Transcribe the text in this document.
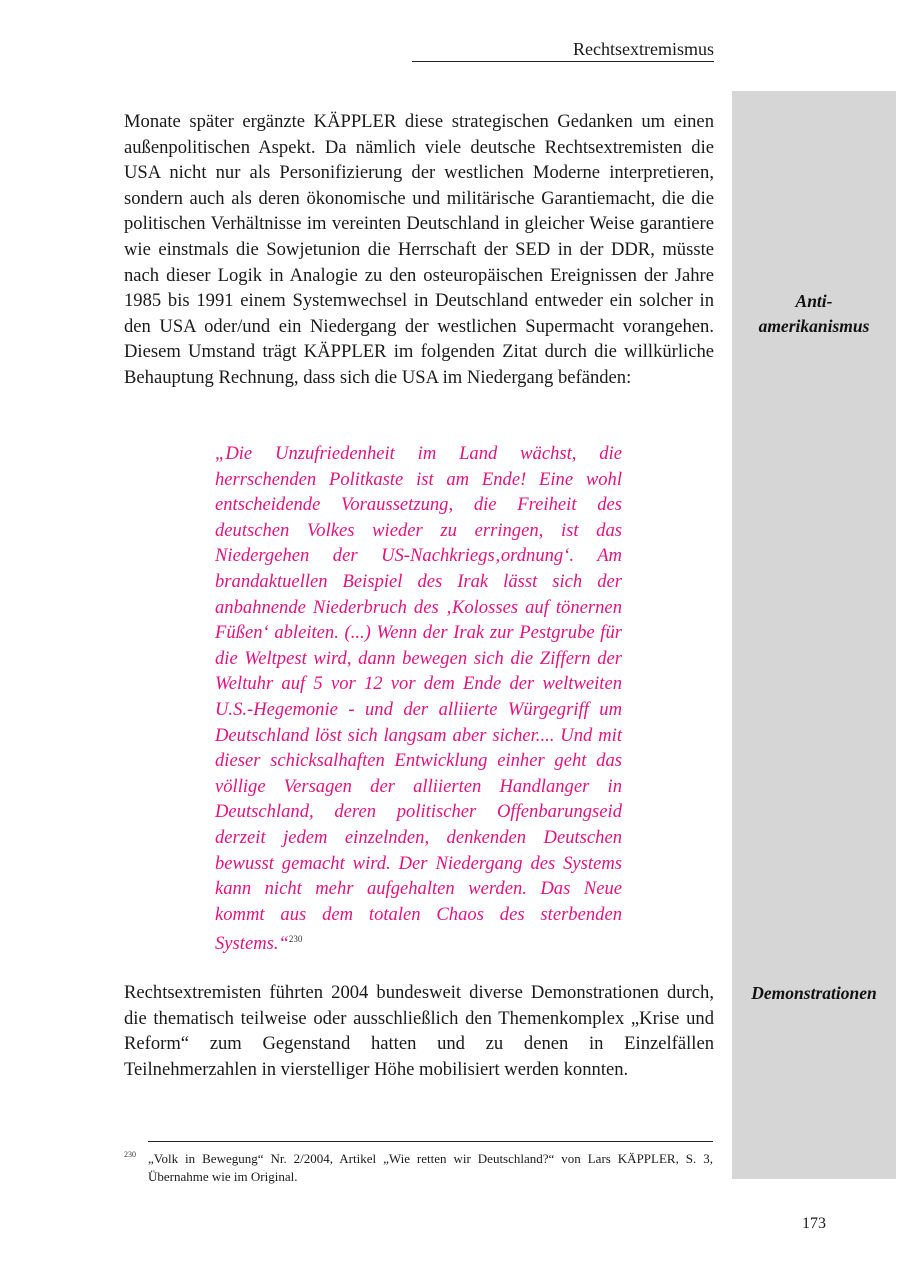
Rechtsextremismus
Anti-
amerikanismus
Demonstrationen

Monate später ergänzte KÄPPLER diese strategischen Gedanken um einen außenpolitischen Aspekt. Da nämlich viele deutsche Rechtsextremisten die USA nicht nur als Personifizierung der westlichen Moderne interpretieren, sondern auch als deren ökonomische und militärische Garantiemacht, die die politischen Verhältnisse im vereinten Deutschland in gleicher Weise garantiere wie einstmals die Sowjetunion die Herrschaft der SED in der DDR, müsste nach dieser Logik in Analogie zu den osteuropäischen Ereignissen der Jahre 1985 bis 1991 einem Systemwechsel in Deutschland entweder ein solcher in den USA oder/und ein Niedergang der westlichen Supermacht vorangehen. Diesem Umstand trägt KÄPPLER im folgenden Zitat durch die willkürliche Behauptung Rechnung, dass sich die USA im Niedergang befänden:

„Die Unzufriedenheit im Land wächst, die herrschenden Politkaste ist am Ende! Eine wohl entscheidende Voraussetzung, die Freiheit des deutschen Volkes wieder zu erringen, ist das Niedergehen der US-Nachkriegs‚ordnung‘. Am brandaktuellen Beispiel des Irak lässt sich der anbahnende Niederbruch des ‚Kolosses auf tönernen Füßen‘ ableiten. (...) Wenn der Irak zur Pestgrube für die Weltpest wird, dann bewegen sich die Ziffern der Weltuhr auf 5 vor 12 vor dem Ende der weltweiten U.S.-Hegemonie - und der alliierte Würgegriff um Deutschland löst sich langsam aber sicher.... Und mit dieser schicksalhaften Entwicklung einher geht das völlige Versagen der alliierten Handlanger in Deutschland, deren politischer Offenbarungseid derzeit jedem einzelnden, denkenden Deutschen bewusst gemacht wird. Der Niedergang des Systems kann nicht mehr aufgehalten werden. Das Neue kommt aus dem totalen Chaos des sterbenden Systems.“$^{230}$

Rechtsextremisten führten 2004 bundesweit diverse Demonstrationen durch, die thematisch teilweise oder ausschließlich den Themenkomplex „Krise und Reform“ zum Gegenstand hatten und zu denen in Einzelfällen Teilnehmerzahlen in vierstelliger Höhe mobilisiert werden konnten.

230 „Volk in Bewegung“ Nr. 2/2004, Artikel „Wie retten wir Deutschland?“ von Lars KÄPPLER, S. 3, Übernahme wie im Original.

173
